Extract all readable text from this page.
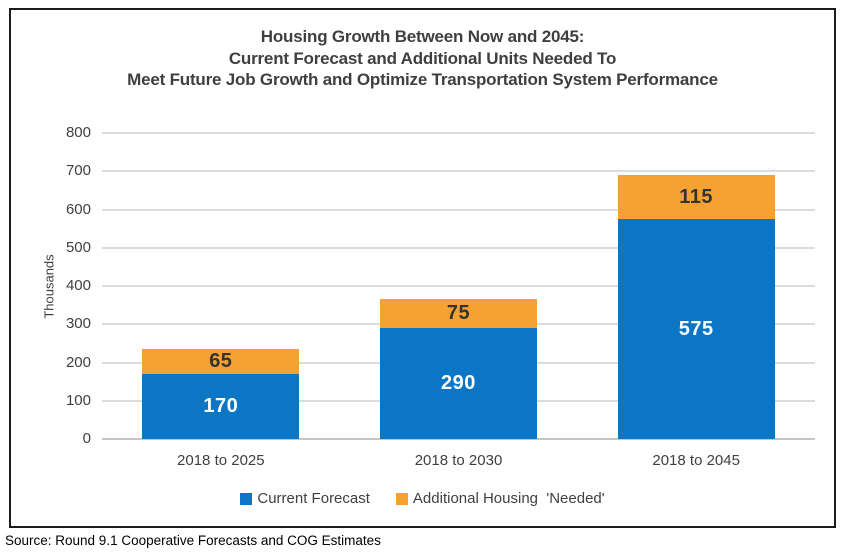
Housing Growth Between Now and 2045:
Current Forecast and Additional Units Needed To
Meet Future Job Growth and Optimize Transportation System Performance
Thousands
0
100
200
300
400
500
600
700
800
170
65
2018 to 2025
290
75
2018 to 2030
575
115
2018 to 2045
Current Forecast	Additional Housing  'Needed'
Source: Round 9.1 Cooperative Forecasts and COG Estimates
